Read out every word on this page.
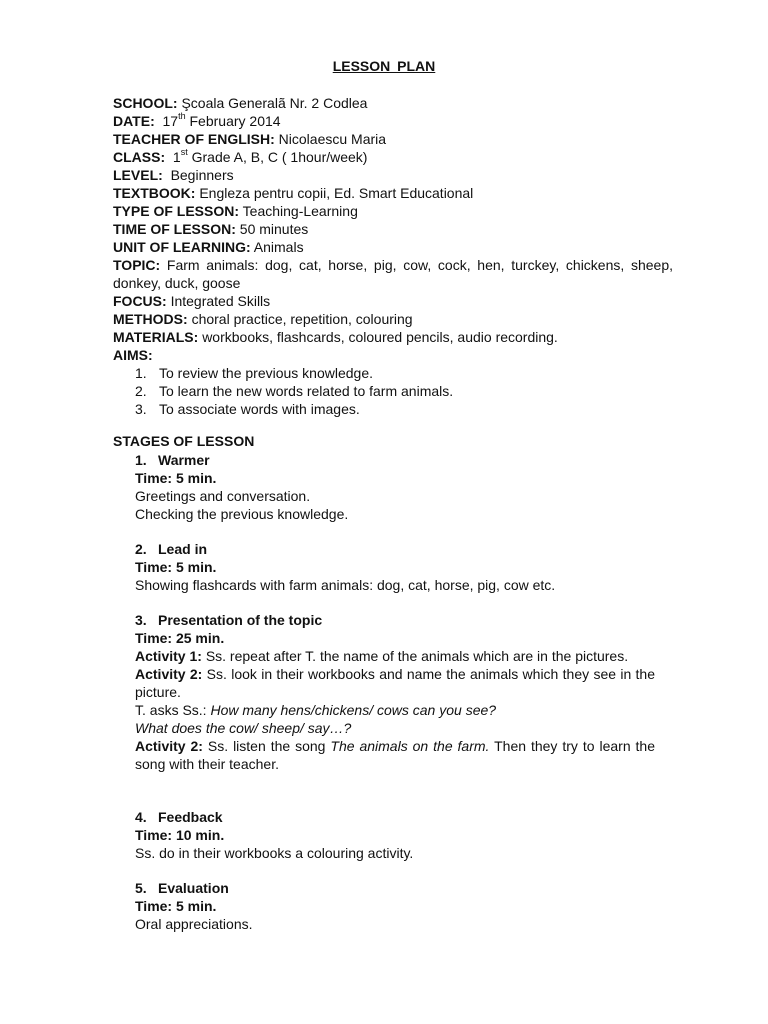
LESSON PLAN
SCHOOL: Şcoala Generalã Nr. 2 Codlea
DATE: 17th February 2014
TEACHER OF ENGLISH: Nicolaescu Maria
CLASS: 1st Grade A, B, C ( 1hour/week)
LEVEL: Beginners
TEXTBOOK: Engleza pentru copii, Ed. Smart Educational
TYPE OF LESSON: Teaching-Learning
TIME OF LESSON: 50 minutes
UNIT OF LEARNING: Animals
TOPIC: Farm animals: dog, cat, horse, pig, cow, cock, hen, turckey, chickens, sheep, donkey, duck, goose
FOCUS: Integrated Skills
METHODS: choral practice, repetition, colouring
MATERIALS: workbooks, flashcards, coloured pencils, audio recording.
AIMS:
1. To review the previous knowledge.
2. To learn the new words related to farm animals.
3. To associate words with images.
STAGES OF LESSON
1. Warmer
Time: 5 min.
Greetings and conversation.
Checking the previous knowledge.
2. Lead in
Time: 5 min.
Showing flashcards with farm animals: dog, cat, horse, pig, cow etc.
3. Presentation of the topic
Time: 25 min.
Activity 1: Ss. repeat after T. the name of the animals which are in the pictures.
Activity 2: Ss. look in their workbooks and name the animals which they see in the picture.
T. asks Ss.: How many hens/chickens/ cows can you see?
What does the cow/ sheep/ say…?
Activity 2: Ss. listen the song The animals on the farm. Then they try to learn the song with their teacher.
4. Feedback
Time: 10 min.
Ss. do in their workbooks a colouring activity.
5. Evaluation
Time: 5 min.
Oral appreciations.
